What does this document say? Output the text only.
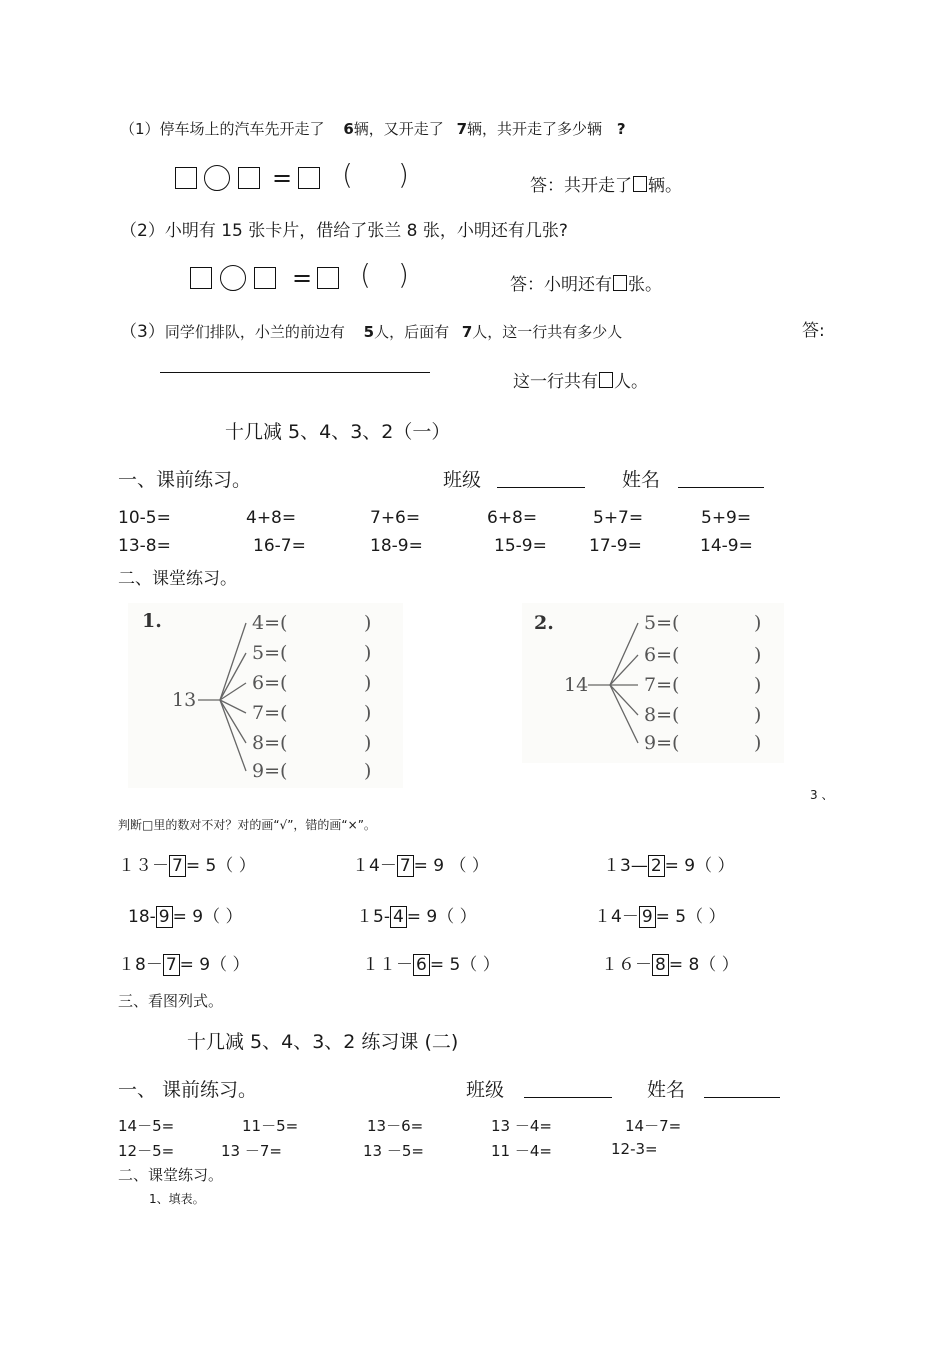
（1）停车场上的汽车先开走了 6辆，又开走了 7辆，共开走了多少辆 ?
= ( )	答：共开走了 辆。
（2）小明有 15 张卡片，借给了张兰 8 张，小明还有几张?
= ( )	答：小明还有 张。
（3）同学们排队，小兰的前边有 5人，后面有 7人，这一行共有多少人	答:
这一行共有 人。
十几减 5、4、3、2（一）
一、课前练习。	班级	姓名
10-5=	4+8=	7+6=	6+8=	5+7=	5+9=
13-8=	16-7=	18-9=	15-9= 17-9=	14-9=
二、课堂练习。
1.
13
4=(
5=(
6=(
7=(
8=(
9=(
)
)
)
)
)
)
2.
14
5=(
6=(
7=(
8=(
9=(
)
)
)
)
)
3 、
判断□里的数对不对？对的画“√”，错的画“×”。
１３－ 7 = 5（ ）	１4－ 7 = 9 （ ）	１3— 2 = 9（ ）
18- 9 = 9（ ）	１5- 4 = 9（ ）	１4－ 9 = 5（ ）
１8－ 7 = 9（ ）	１１－ 6 = 5（ ）	１６－ 8 = 8（ ）
三、看图列式。
十几减 5、4、3、2 练习课 (二)
一、 课前练习。	班级	姓名
14－5=	11－5=	13－6=	13 －4=	14－7=
12－5=	13 －7=	13 －5=	11 －4=	12-3=
二、课堂练习。
1、填表。
